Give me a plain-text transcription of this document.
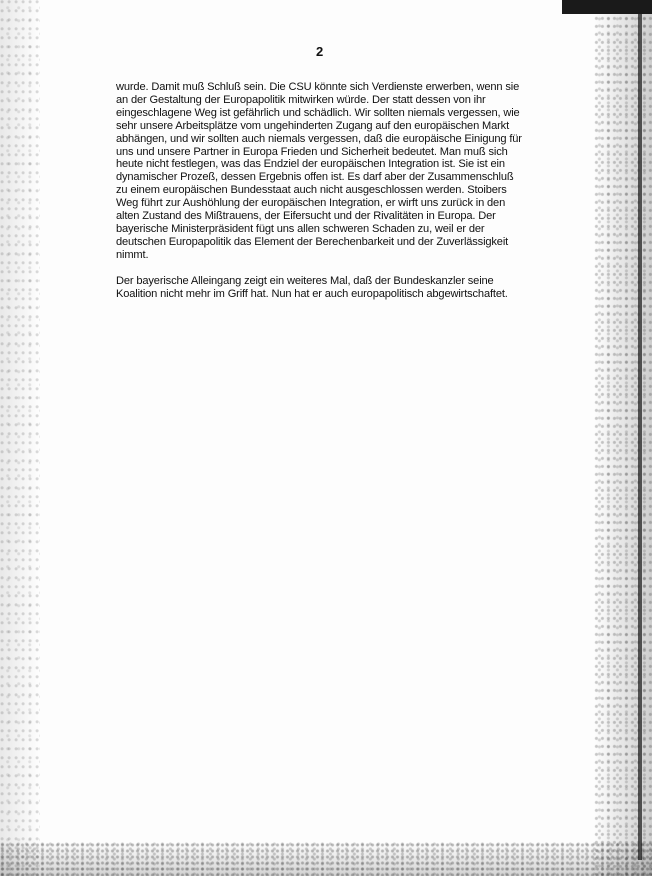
2
wurde. Damit muß Schluß sein. Die CSU könnte sich Verdienste erwerben, wenn sie
an der Gestaltung der Europapolitik mitwirken würde. Der statt dessen von ihr
eingeschlagene Weg ist gefährlich und schädlich. Wir sollten niemals vergessen, wie
sehr unsere Arbeitsplätze vom ungehinderten Zugang auf den europäischen Markt
abhängen, und wir sollten auch niemals vergessen, daß die europäische Einigung für
uns und unsere Partner in Europa Frieden und Sicherheit bedeutet. Man muß sich
heute nicht festlegen, was das Endziel der europäischen Integration ist. Sie ist ein
dynamischer Prozeß, dessen Ergebnis offen ist. Es darf aber der Zusammenschluß
zu einem europäischen Bundesstaat auch nicht ausgeschlossen werden. Stoibers
Weg führt zur Aushöhlung der europäischen Integration, er wirft uns zurück in den
alten Zustand des Mißtrauens, der Eifersucht und der Rivalitäten in Europa. Der
bayerische Ministerpräsident fügt uns allen schweren Schaden zu, weil er der
deutschen Europapolitik das Element der Berechenbarkeit und der Zuverlässigkeit
nimmt.
Der bayerische Alleingang zeigt ein weiteres Mal, daß der Bundeskanzler seine
Koalition nicht mehr im Griff hat. Nun hat er auch europapolitisch abgewirtschaftet.
